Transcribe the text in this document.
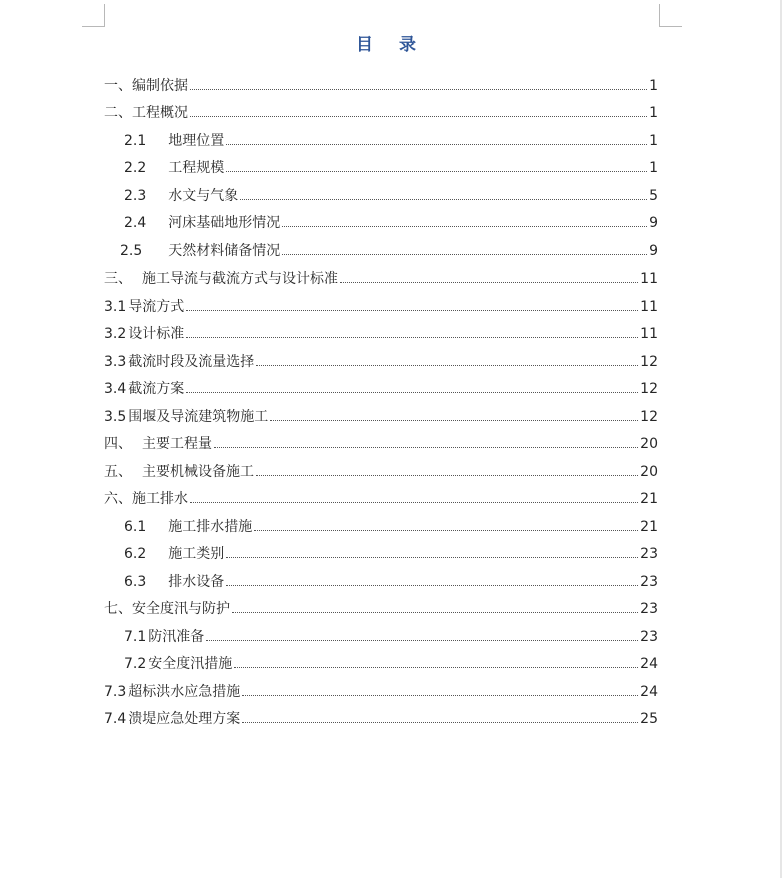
目 录
一、 编制依据	1
二、 工程概况	1
2.1 地理位置	1
2.2 工程规模	1
2.3 水文与气象	5
2.4 河床基础地形情况	9
2.5 天然材料储备情况	9
三、 施工导流与截流方式与设计标准	11
3.1 导流方式	11
3.2 设计标准	11
3.3 截流时段及流量选择	12
3.4 截流方案	12
3.5 围堰及导流建筑物施工	12
四、 主要工程量	20
五、 主要机械设备施工	20
六、 施工排水	21
6.1 施工排水措施	21
6.2 施工类别	23
6.3 排水设备	23
七、 安全度汛与防护	23
7.1 防汛准备	23
7.2 安全度汛措施	24
7.3 超标洪水应急措施	24
7.4 溃堤应急处理方案	25
